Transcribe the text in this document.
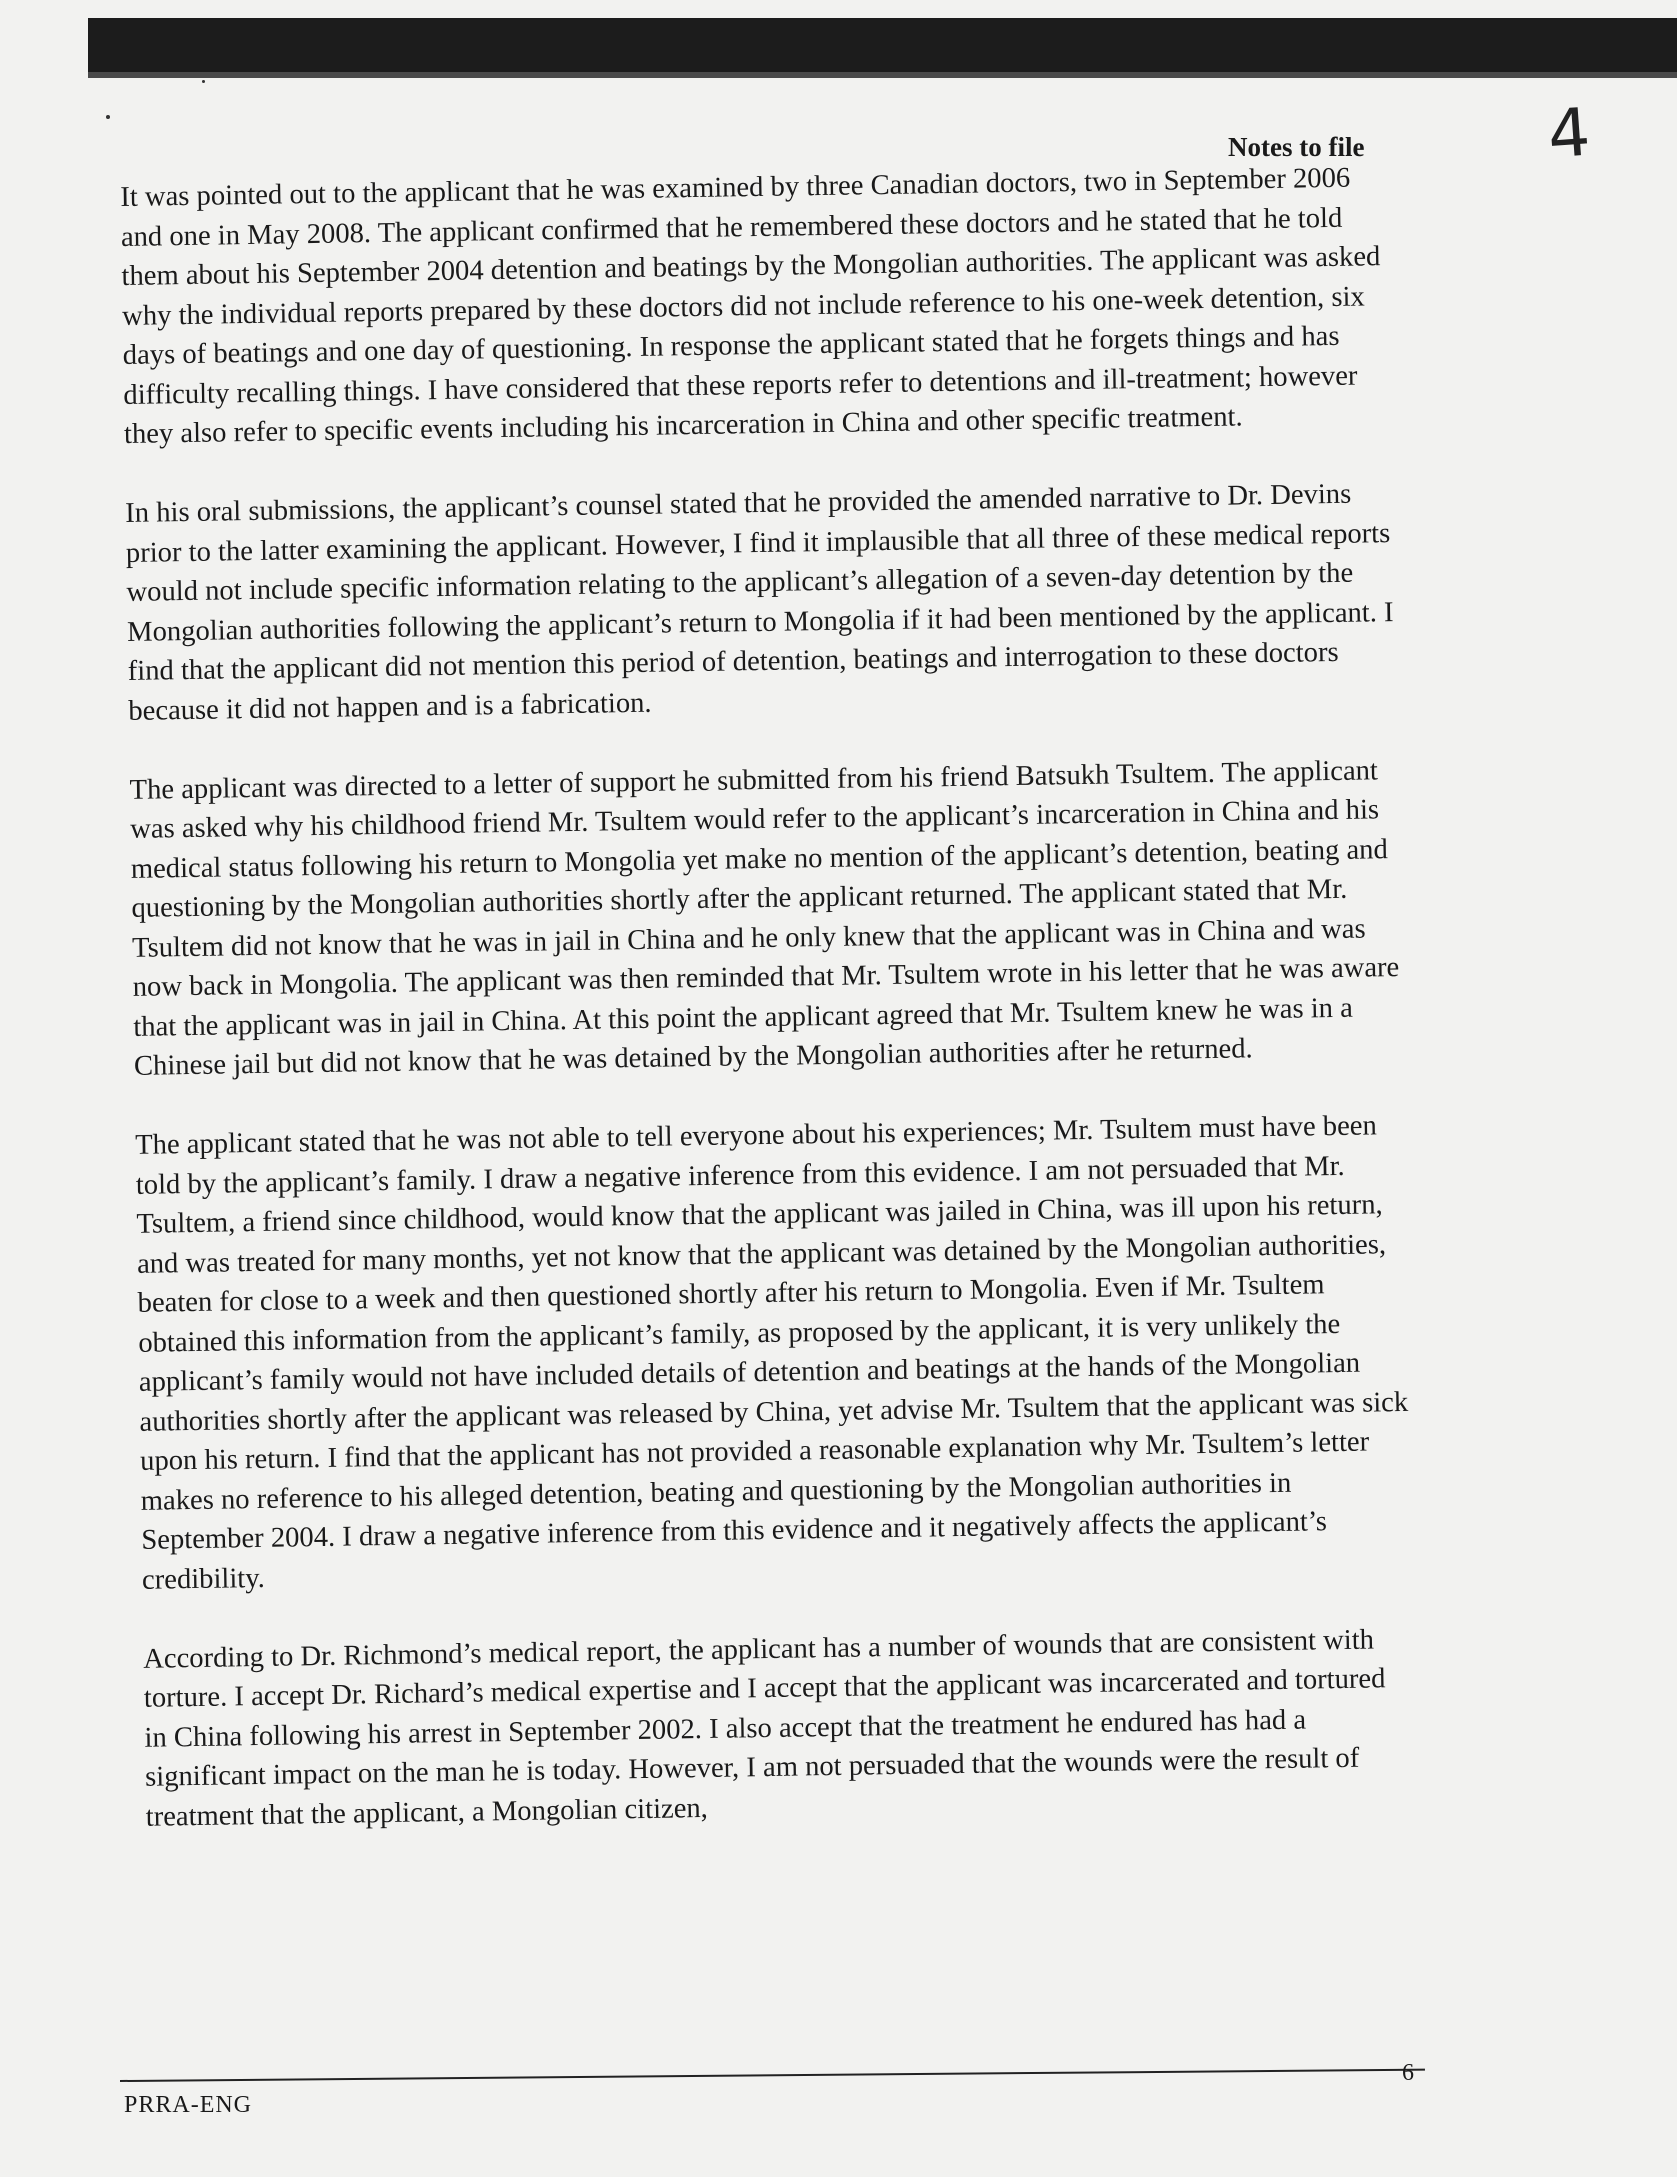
4
Notes to file

It was pointed out to the applicant that he was examined by three Canadian doctors, two in September 2006 and one in May 2008. The applicant confirmed that he remembered these doctors and he stated that he told them about his September 2004 detention and beatings by the Mongolian authorities. The applicant was asked why the individual reports prepared by these doctors did not include reference to his one-week detention, six days of beatings and one day of questioning. In response the applicant stated that he forgets things and has difficulty recalling things. I have considered that these reports refer to detentions and ill-treatment; however they also refer to specific events including his incarceration in China and other specific treatment.

In his oral submissions, the applicant’s counsel stated that he provided the amended narrative to Dr. Devins prior to the latter examining the applicant. However, I find it implausible that all three of these medical reports would not include specific information relating to the applicant’s allegation of a seven-day detention by the Mongolian authorities following the applicant’s return to Mongolia if it had been mentioned by the applicant. I find that the applicant did not mention this period of detention, beatings and interrogation to these doctors because it did not happen and is a fabrication.

The applicant was directed to a letter of support he submitted from his friend Batsukh Tsultem. The applicant was asked why his childhood friend Mr. Tsultem would refer to the applicant’s incarceration in China and his medical status following his return to Mongolia yet make no mention of the applicant’s detention, beating and questioning by the Mongolian authorities shortly after the applicant returned. The applicant stated that Mr. Tsultem did not know that he was in jail in China and he only knew that the applicant was in China and was now back in Mongolia. The applicant was then reminded that Mr. Tsultem wrote in his letter that he was aware that the applicant was in jail in China. At this point the applicant agreed that Mr. Tsultem knew he was in a Chinese jail but did not know that he was detained by the Mongolian authorities after he returned.

The applicant stated that he was not able to tell everyone about his experiences; Mr. Tsultem must have been told by the applicant’s family. I draw a negative inference from this evidence. I am not persuaded that Mr. Tsultem, a friend since childhood, would know that the applicant was jailed in China, was ill upon his return, and was treated for many months, yet not know that the applicant was detained by the Mongolian authorities, beaten for close to a week and then questioned shortly after his return to Mongolia. Even if Mr. Tsultem obtained this information from the applicant’s family, as proposed by the applicant, it is very unlikely the applicant’s family would not have included details of detention and beatings at the hands of the Mongolian authorities shortly after the applicant was released by China, yet advise Mr. Tsultem that the applicant was sick upon his return. I find that the applicant has not provided a reasonable explanation why Mr. Tsultem’s letter makes no reference to his alleged detention, beating and questioning by the Mongolian authorities in September 2004. I draw a negative inference from this evidence and it negatively affects the applicant’s credibility.

According to Dr. Richmond’s medical report, the applicant has a number of wounds that are consistent with torture. I accept Dr. Richard’s medical expertise and I accept that the applicant was incarcerated and tortured in China following his arrest in September 2002. I also accept that the treatment he endured has had a significant impact on the man he is today. However, I am not persuaded that the wounds were the result of treatment that the applicant, a Mongolian citizen,

6
PRRA-ENG
